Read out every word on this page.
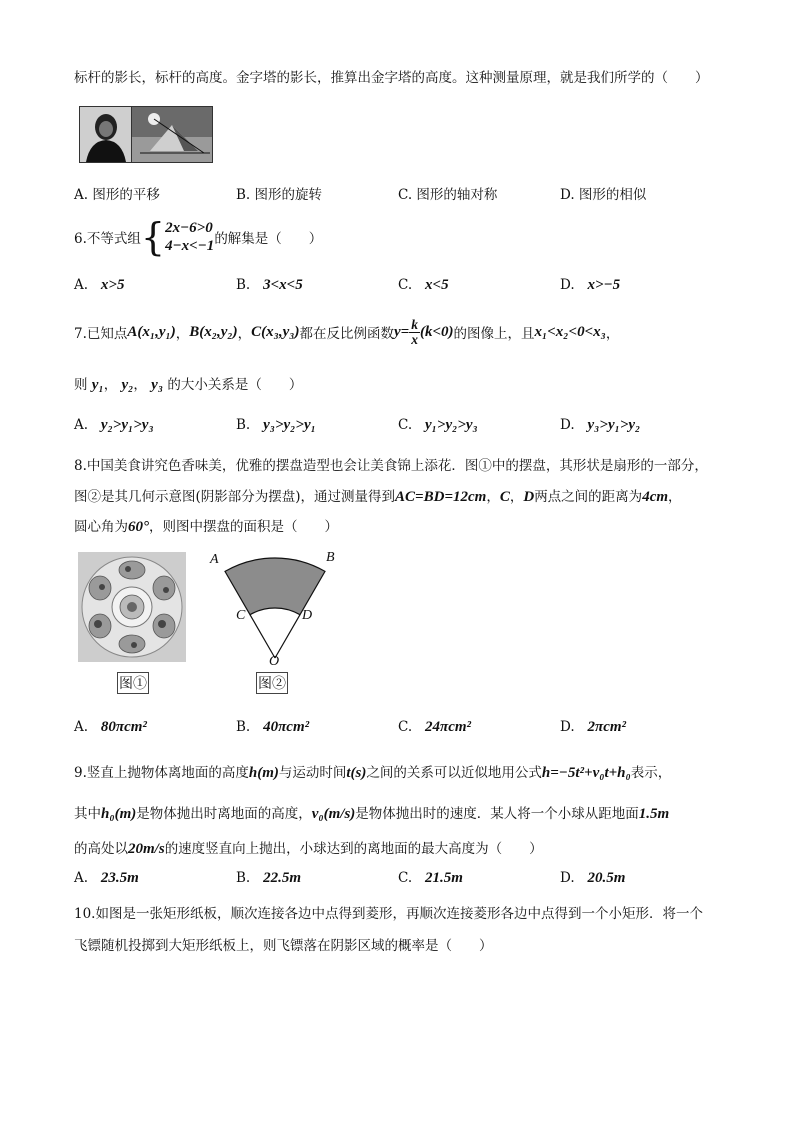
标杆的影长，标杆的高度。金字塔的影长，推算出金字塔的高度。这种测量原理，就是我们所学的（　　）
A. 图形的平移	B. 图形的旋转	C. 图形的轴对称	D. 图形的相似
6.不等式组 { 2x−6>0
4−x<−1 的解集是（　　）
A. x>5	B. 3<x<5	C. x<5	D. x>−5
7.已知点 A(x₁,y₁) ， B(x₂,y₂) ， C(x₃,y₃) 都在反比例函数 $y= \frac{k}{x} (k<0)$ 的图像上，且 x₁<x₂<0<x₃ ，
则 y₁， y₂， y₃ 的大小关系是（　　）
A. y₂>y₁>y₃	B. y₃>y₂>y₁	C. y₁>y₂>y₃	D. y₃>y₁>y₂
8.中国美食讲究色香味美，优雅的摆盘造型也会让美食锦上添花．图①中的摆盘，其形状是扇形的一部分，
图②是其几何示意图(阴影部分为摆盘)，通过测量得到AC=BD=12cm，C，D两点之间的距离为4cm，
圆心角为60°，则图中摆盘的面积是（　　）
图①
A	B
C	D
O
图②
A. 80πcm²	B. 40πcm²	C. 24πcm²	D. 2πcm²
9.竖直上抛物体离地面的高度h(m)与运动时间t(s)之间的关系可以近似地用公式h=−5t²+v₀t+h₀表示，
其中h₀(m)是物体抛出时离地面的高度，v₀(m/s)是物体抛出时的速度．某人将一个小球从距地面1.5m
的高处以20m/s的速度竖直向上抛出，小球达到的离地面的最大高度为（　　）
A. 23.5m	B. 22.5m	C. 21.5m	D. 20.5m
10.如图是一张矩形纸板，顺次连接各边中点得到菱形，再顺次连接菱形各边中点得到一个小矩形．将一个
飞镖随机投掷到大矩形纸板上，则飞镖落在阴影区域的概率是（　　）
